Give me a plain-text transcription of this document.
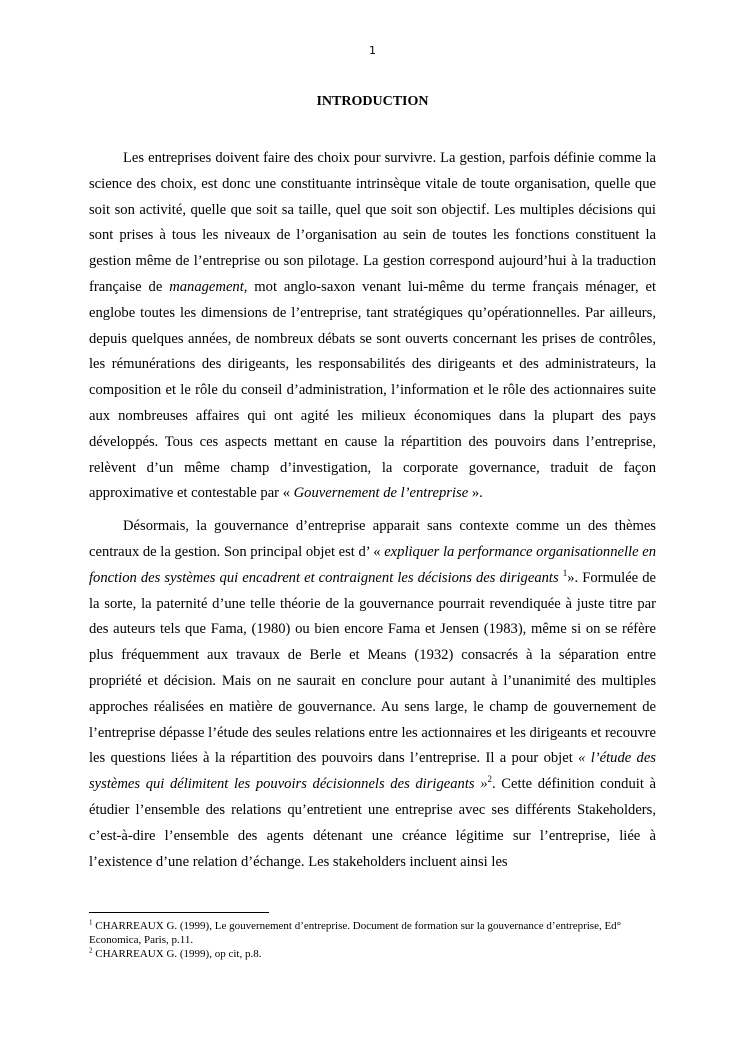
1
INTRODUCTION

Les entreprises doivent faire des choix pour survivre. La gestion, parfois définie comme la science des choix, est donc une constituante intrinsèque vitale de toute organisation, quelle que soit son activité, quelle que soit sa taille, quel que soit son objectif. Les multiples décisions qui sont prises à tous les niveaux de l’organisation au sein de toutes les fonctions constituent la gestion même de l’entreprise ou son pilotage. La gestion correspond aujourd’hui à la traduction française de management, mot anglo-saxon venant lui-même du terme français ménager, et englobe toutes les dimensions de l’entreprise, tant stratégiques qu’opérationnelles. Par ailleurs, depuis quelques années, de nombreux débats se sont ouverts concernant les prises de contrôles, les rémunérations des dirigeants, les responsabilités des dirigeants et des administrateurs, la composition et le rôle du conseil d’administration, l’information et le rôle des actionnaires suite aux nombreuses affaires qui ont agité les milieux économiques dans la plupart des pays développés. Tous ces aspects mettant en cause la répartition des pouvoirs dans l’entreprise, relèvent d’un même champ d’investigation, la corporate governance, traduit de façon approximative et contestable par « Gouvernement de l’entreprise ».

Désormais, la gouvernance d’entreprise apparait sans contexte comme un des thèmes centraux de la gestion. Son principal objet est d’ « expliquer la performance organisationnelle en fonction des systèmes qui encadrent et contraignent les décisions des dirigeants $^1$». Formulée de la sorte, la paternité d’une telle théorie de la gouvernance pourrait revendiquée à juste titre par des auteurs tels que Fama, (1980) ou bien encore Fama et Jensen (1983), même si on se réfère plus fréquemment aux travaux de Berle et Means (1932) consacrés à la séparation entre propriété et décision. Mais on ne saurait en conclure pour autant à l’unanimité des multiples approches réalisées en matière de gouvernance. Au sens large, le champ de gouvernement de l’entreprise dépasse l’étude des seules relations entre les actionnaires et les dirigeants et recouvre les questions liées à la répartition des pouvoirs dans l’entreprise. Il a pour objet « l’étude des systèmes qui délimitent les pouvoirs décisionnels des dirigeants »$^2$. Cette définition conduit à étudier l’ensemble des relations qu’entretient une entreprise avec ses différents Stakeholders, c’est-à-dire l’ensemble des agents détenant une créance légitime sur l’entreprise, liée à l’existence d’une relation d’échange. Les stakeholders incluent ainsi les

$^1$ CHARREAUX G. (1999), Le gouvernement d’entreprise. Document de formation sur la gouvernance d’entreprise, Ed° Economica, Paris, p.11.

$^2$ CHARREAUX G. (1999), op cit, p.8.
